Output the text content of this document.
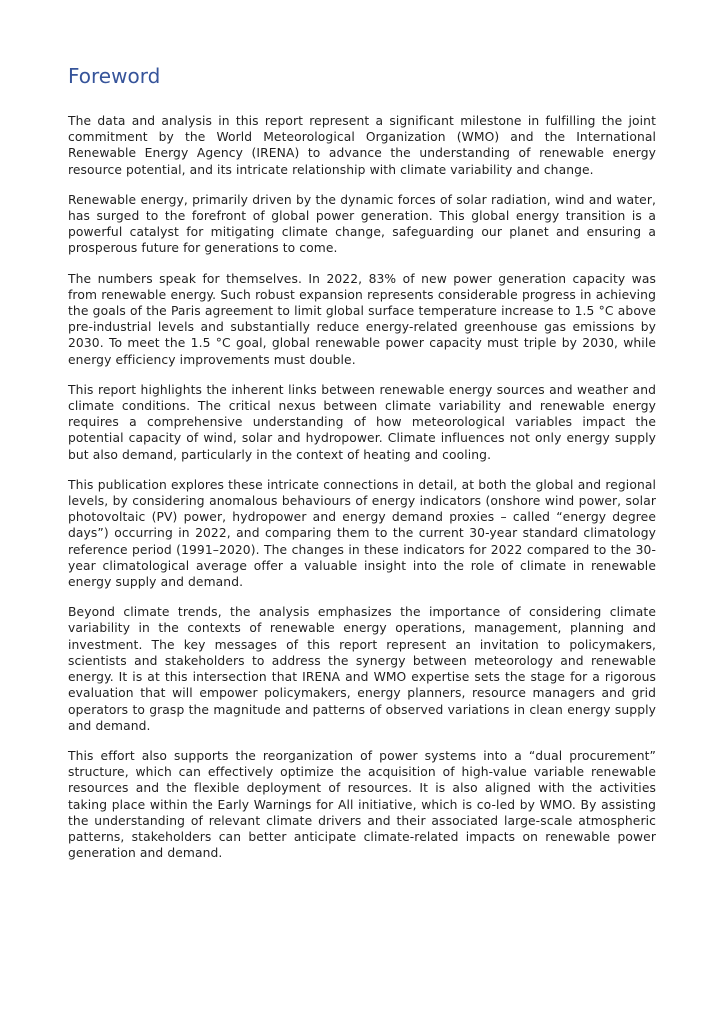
Foreword

The data and analysis in this report represent a significant milestone in fulfilling the joint commitment by the World Meteorological Organization (WMO) and the International Renewable Energy Agency (IRENA) to advance the understanding of renewable energy resource potential, and its intricate relationship with climate variability and change.

Renewable energy, primarily driven by the dynamic forces of solar radiation, wind and water, has surged to the forefront of global power generation. This global energy transition is a powerful catalyst for mitigating climate change, safeguarding our planet and ensuring a prosperous future for generations to come.

The numbers speak for themselves. In 2022, 83% of new power generation capacity was from renewable energy. Such robust expansion represents considerable progress in achieving the goals of the Paris agreement to limit global surface temperature increase to 1.5 °C above pre-industrial levels and substantially reduce energy-related greenhouse gas emissions by 2030. To meet the 1.5 °C goal, global renewable power capacity must triple by 2030, while energy efficiency improvements must double.

This report highlights the inherent links between renewable energy sources and weather and climate conditions. The critical nexus between climate variability and renewable energy requires a comprehensive understanding of how meteorological variables impact the potential capacity of wind, solar and hydropower. Climate influences not only energy supply but also demand, particularly in the context of heating and cooling.

This publication explores these intricate connections in detail, at both the global and regional levels, by considering anomalous behaviours of energy indicators (onshore wind power, solar photovoltaic (PV) power, hydropower and energy demand proxies – called “energy degree days”) occurring in 2022, and comparing them to the current 30-year standard climatology reference period (1991–2020). The changes in these indicators for 2022 compared to the 30-year climatological average offer a valuable insight into the role of climate in renewable energy supply and demand.

Beyond climate trends, the analysis emphasizes the importance of considering climate variability in the contexts of renewable energy operations, management, planning and investment. The key messages of this report represent an invitation to policymakers, scientists and stakeholders to address the synergy between meteorology and renewable energy. It is at this intersection that IRENA and WMO expertise sets the stage for a rigorous evaluation that will empower policymakers, energy planners, resource managers and grid operators to grasp the magnitude and patterns of observed variations in clean energy supply and demand.

This effort also supports the reorganization of power systems into a “dual procurement” structure, which can effectively optimize the acquisition of high-value variable renewable resources and the flexible deployment of resources. It is also aligned with the activities taking place within the Early Warnings for All initiative, which is co-led by WMO. By assisting the understanding of relevant climate drivers and their associated large-scale atmospheric patterns, stakeholders can better anticipate climate-related impacts on renewable power generation and demand.
